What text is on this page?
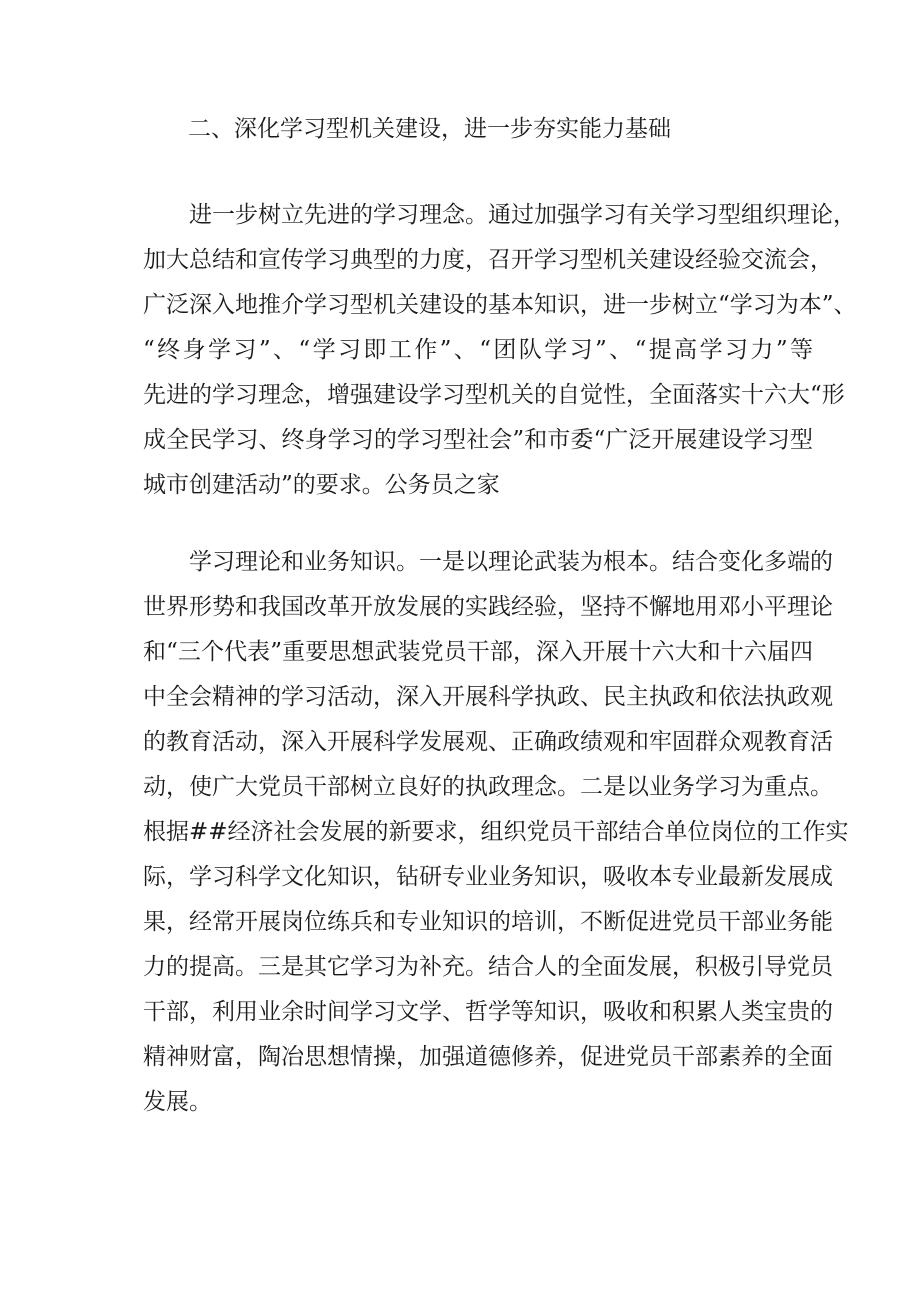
二、深化学习型机关建设，进一步夯实能力基础
进一步树立先进的学习理念。通过加强学习有关学习型组织理论，
加大总结和宣传学习典型的力度，召开学习型机关建设经验交流会，
广泛深入地推介学习型机关建设的基本知识，进一步树立“学习为本”、
“终身学习”、“学习即工作”、“团队学习”、“提高学习力”等
先进的学习理念，增强建设学习型机关的自觉性，全面落实十六大“形
成全民学习、终身学习的学习型社会”和市委“广泛开展建设学习型
城市创建活动”的要求。公务员之家
学习理论和业务知识。一是以理论武装为根本。结合变化多端的
世界形势和我国改革开放发展的实践经验，坚持不懈地用邓小平理论
和“三个代表”重要思想武装党员干部，深入开展十六大和十六届四
中全会精神的学习活动，深入开展科学执政、民主执政和依法执政观
的教育活动，深入开展科学发展观、正确政绩观和牢固群众观教育活
动，使广大党员干部树立良好的执政理念。二是以业务学习为重点。
根据##经济社会发展的新要求，组织党员干部结合单位岗位的工作实
际，学习科学文化知识，钻研专业业务知识，吸收本专业最新发展成
果，经常开展岗位练兵和专业知识的培训，不断促进党员干部业务能
力的提高。三是其它学习为补充。结合人的全面发展，积极引导党员
干部，利用业余时间学习文学、哲学等知识，吸收和积累人类宝贵的
精神财富，陶冶思想情操，加强道德修养，促进党员干部素养的全面
发展。
